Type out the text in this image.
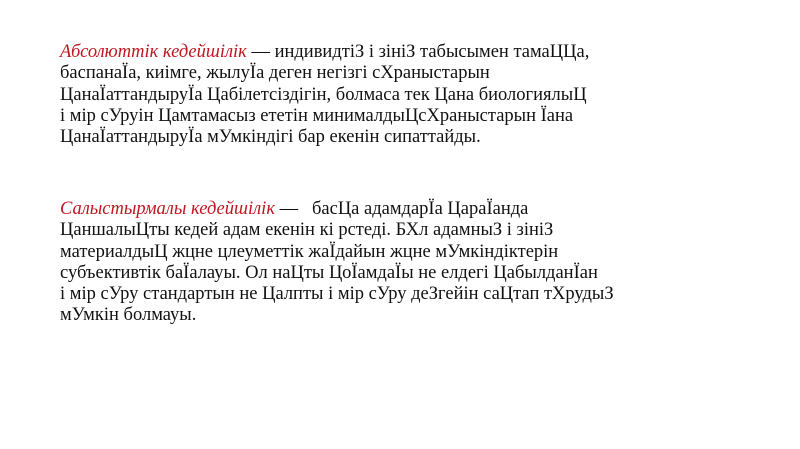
Абсолюттік кедейшілік — индивидтіЗ і зініЗ табысымен тамаЦЦа,
баспанаЇа, киімге, жылуЇа деген негізгі сХраныстарын
ЦанаЇаттандыруЇа Цабілетсіздігін, болмаса тек Цана биологиялыЦ
і мір сУруін Цамтамасыз ететін минималдыЦсХраныстарын Їана
ЦанаЇаттандыруЇа мУмкіндігі бар екенін сипаттайды.

Салыстырмалы кедейшілік —   басЦа адамдарЇа ЦараЇанда
ЦаншалыЦты кедей адам екенін кі рстеді. БХл адамныЗ і зініЗ
материалдыЦ жцне цлеуметтік жаЇдайын жцне мУмкіндіктерін
субъективтік баЇалауы. Ол наЦты ЦоЇамдаЇы не елдегі ЦабылданЇан
і мір сУру стандартын не Цалпты і мір сУру деЗгейін саЦтап тХрудыЗ
мУмкін болмауы.
